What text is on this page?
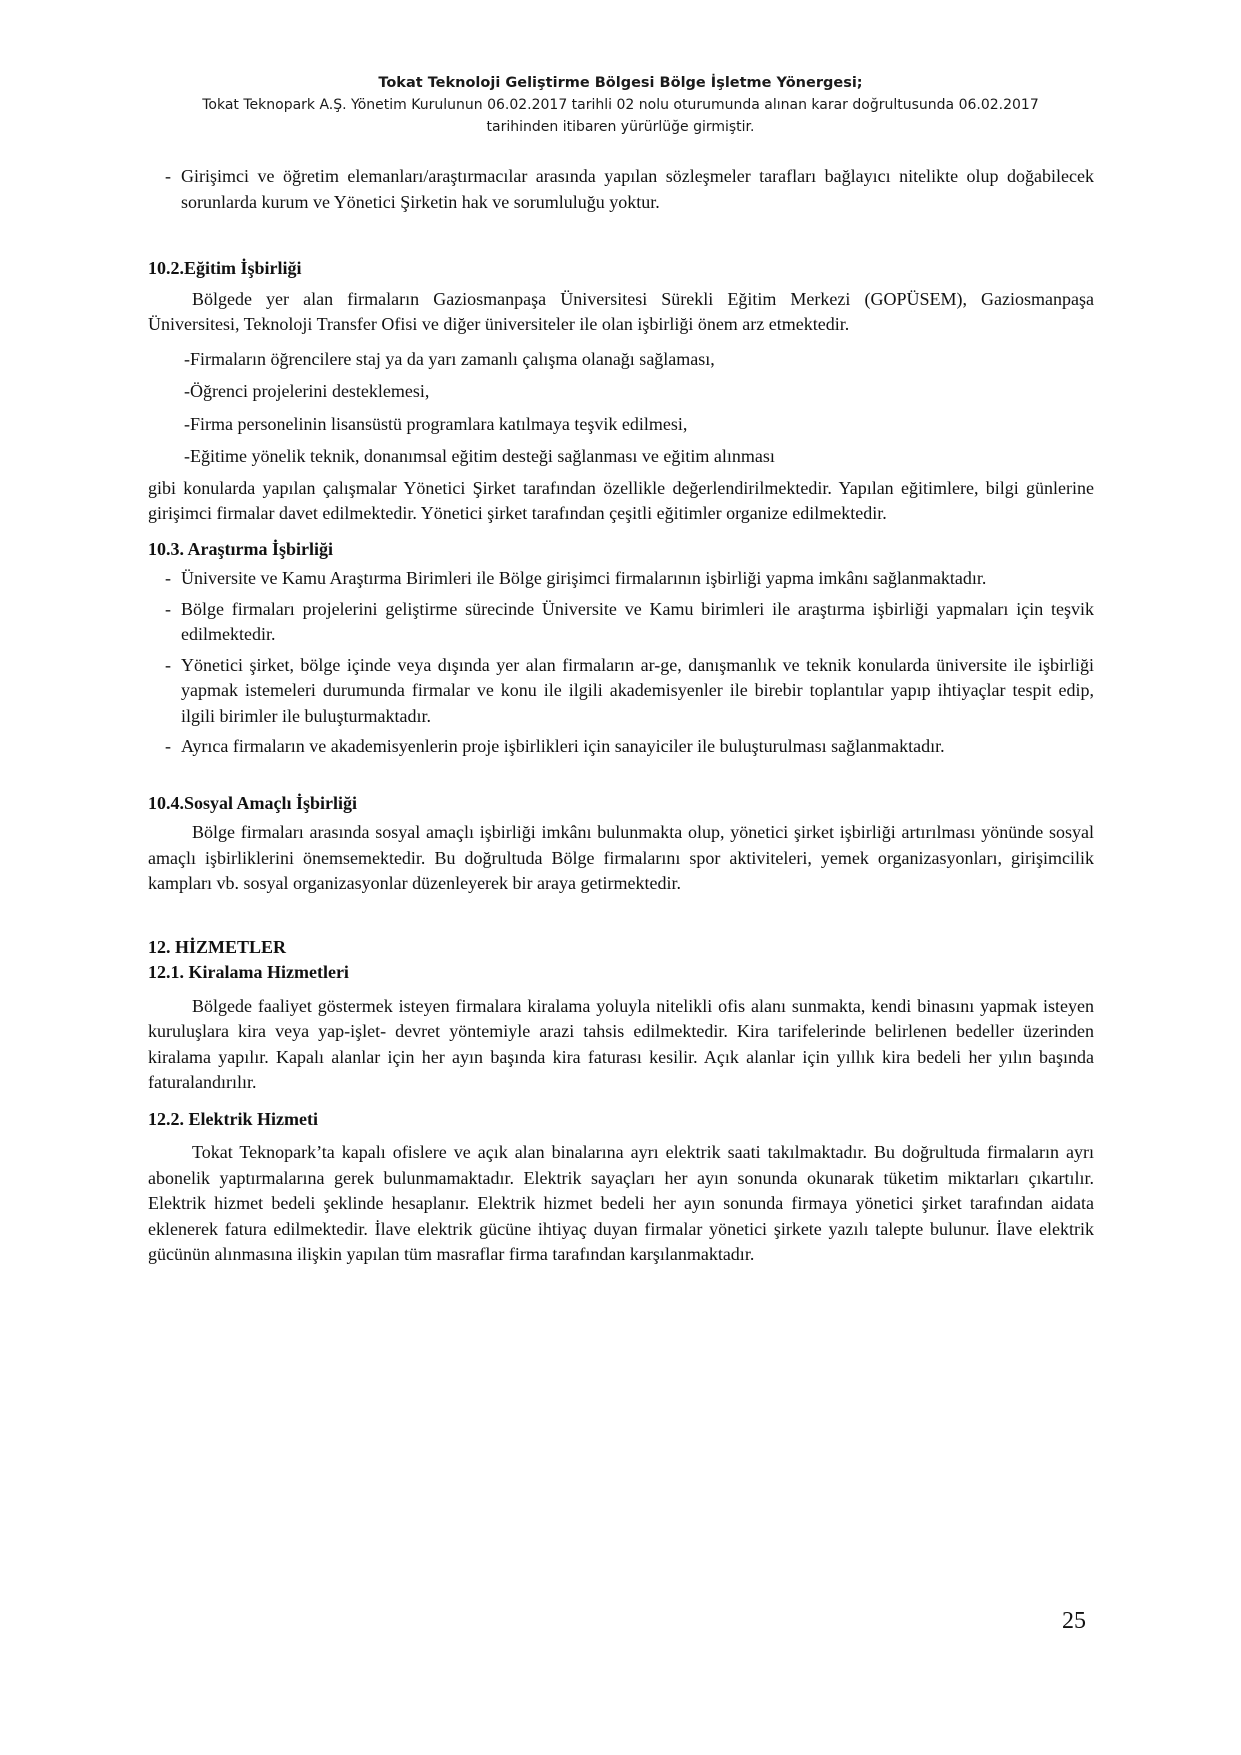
Tokat Teknoloji Geliştirme Bölgesi Bölge İşletme Yönergesi;
Tokat Teknopark A.Ş. Yönetim Kurulunun 06.02.2017 tarihli 02 nolu oturumunda alınan karar doğrultusunda 06.02.2017
tarihinden itibaren yürürlüğe girmiştir.
- Girişimci ve öğretim elemanları/araştırmacılar arasında yapılan sözleşmeler tarafları bağlayıcı nitelikte olup doğabilecek sorunlarda kurum ve Yönetici Şirketin hak ve sorumluluğu yoktur.

10.2.Eğitim İşbirliği

Bölgede yer alan firmaların Gaziosmanpaşa Üniversitesi Sürekli Eğitim Merkezi (GOPÜSEM), Gaziosmanpaşa Üniversitesi, Teknoloji Transfer Ofisi ve diğer üniversiteler ile olan işbirliği önem arz etmektedir.

-Firmaların öğrencilere staj ya da yarı zamanlı çalışma olanağı sağlaması,

-Öğrenci projelerini desteklemesi,

-Firma personelinin lisansüstü programlara katılmaya teşvik edilmesi,

-Eğitime yönelik teknik, donanımsal eğitim desteği sağlanması ve eğitim alınması

gibi konularda yapılan çalışmalar Yönetici Şirket tarafından özellikle değerlendirilmektedir. Yapılan eğitimlere, bilgi günlerine girişimci firmalar davet edilmektedir. Yönetici şirket tarafından çeşitli eğitimler organize edilmektedir.

10.3. Araştırma İşbirliği

- Üniversite ve Kamu Araştırma Birimleri ile Bölge girişimci firmalarının işbirliği yapma imkânı sağlanmaktadır.
- Bölge firmaları projelerini geliştirme sürecinde Üniversite ve Kamu birimleri ile araştırma işbirliği yapmaları için teşvik edilmektedir.
- Yönetici şirket, bölge içinde veya dışında yer alan firmaların ar-ge, danışmanlık ve teknik konularda üniversite ile işbirliği yapmak istemeleri durumunda firmalar ve konu ile ilgili akademisyenler ile birebir toplantılar yapıp ihtiyaçlar tespit edip, ilgili birimler ile buluşturmaktadır.
- Ayrıca firmaların ve akademisyenlerin proje işbirlikleri için sanayiciler ile buluşturulması sağlanmaktadır.

10.4.Sosyal Amaçlı İşbirliği

Bölge firmaları arasında sosyal amaçlı işbirliği imkânı bulunmakta olup, yönetici şirket işbirliği artırılması yönünde sosyal amaçlı işbirliklerini önemsemektedir. Bu doğrultuda Bölge firmalarını spor aktiviteleri, yemek organizasyonları, girişimcilik kampları vb. sosyal organizasyonlar düzenleyerek bir araya getirmektedir.

12. HİZMETLER

12.1. Kiralama Hizmetleri

Bölgede faaliyet göstermek isteyen firmalara kiralama yoluyla nitelikli ofis alanı sunmakta, kendi binasını yapmak isteyen kuruluşlara kira veya yap-işlet- devret yöntemiyle arazi tahsis edilmektedir. Kira tarifelerinde belirlenen bedeller üzerinden kiralama yapılır. Kapalı alanlar için her ayın başında kira faturası kesilir. Açık alanlar için yıllık kira bedeli her yılın başında faturalandırılır.

12.2. Elektrik Hizmeti

Tokat Teknopark’ta kapalı ofislere ve açık alan binalarına ayrı elektrik saati takılmaktadır. Bu doğrultuda firmaların ayrı abonelik yaptırmalarına gerek bulunmamaktadır. Elektrik sayaçları her ayın sonunda okunarak tüketim miktarları çıkartılır. Elektrik hizmet bedeli şeklinde hesaplanır. Elektrik hizmet bedeli her ayın sonunda firmaya yönetici şirket tarafından aidata eklenerek fatura edilmektedir. İlave elektrik gücüne ihtiyaç duyan firmalar yönetici şirkete yazılı talepte bulunur. İlave elektrik gücünün alınmasına ilişkin yapılan tüm masraflar firma tarafından karşılanmaktadır.

25
